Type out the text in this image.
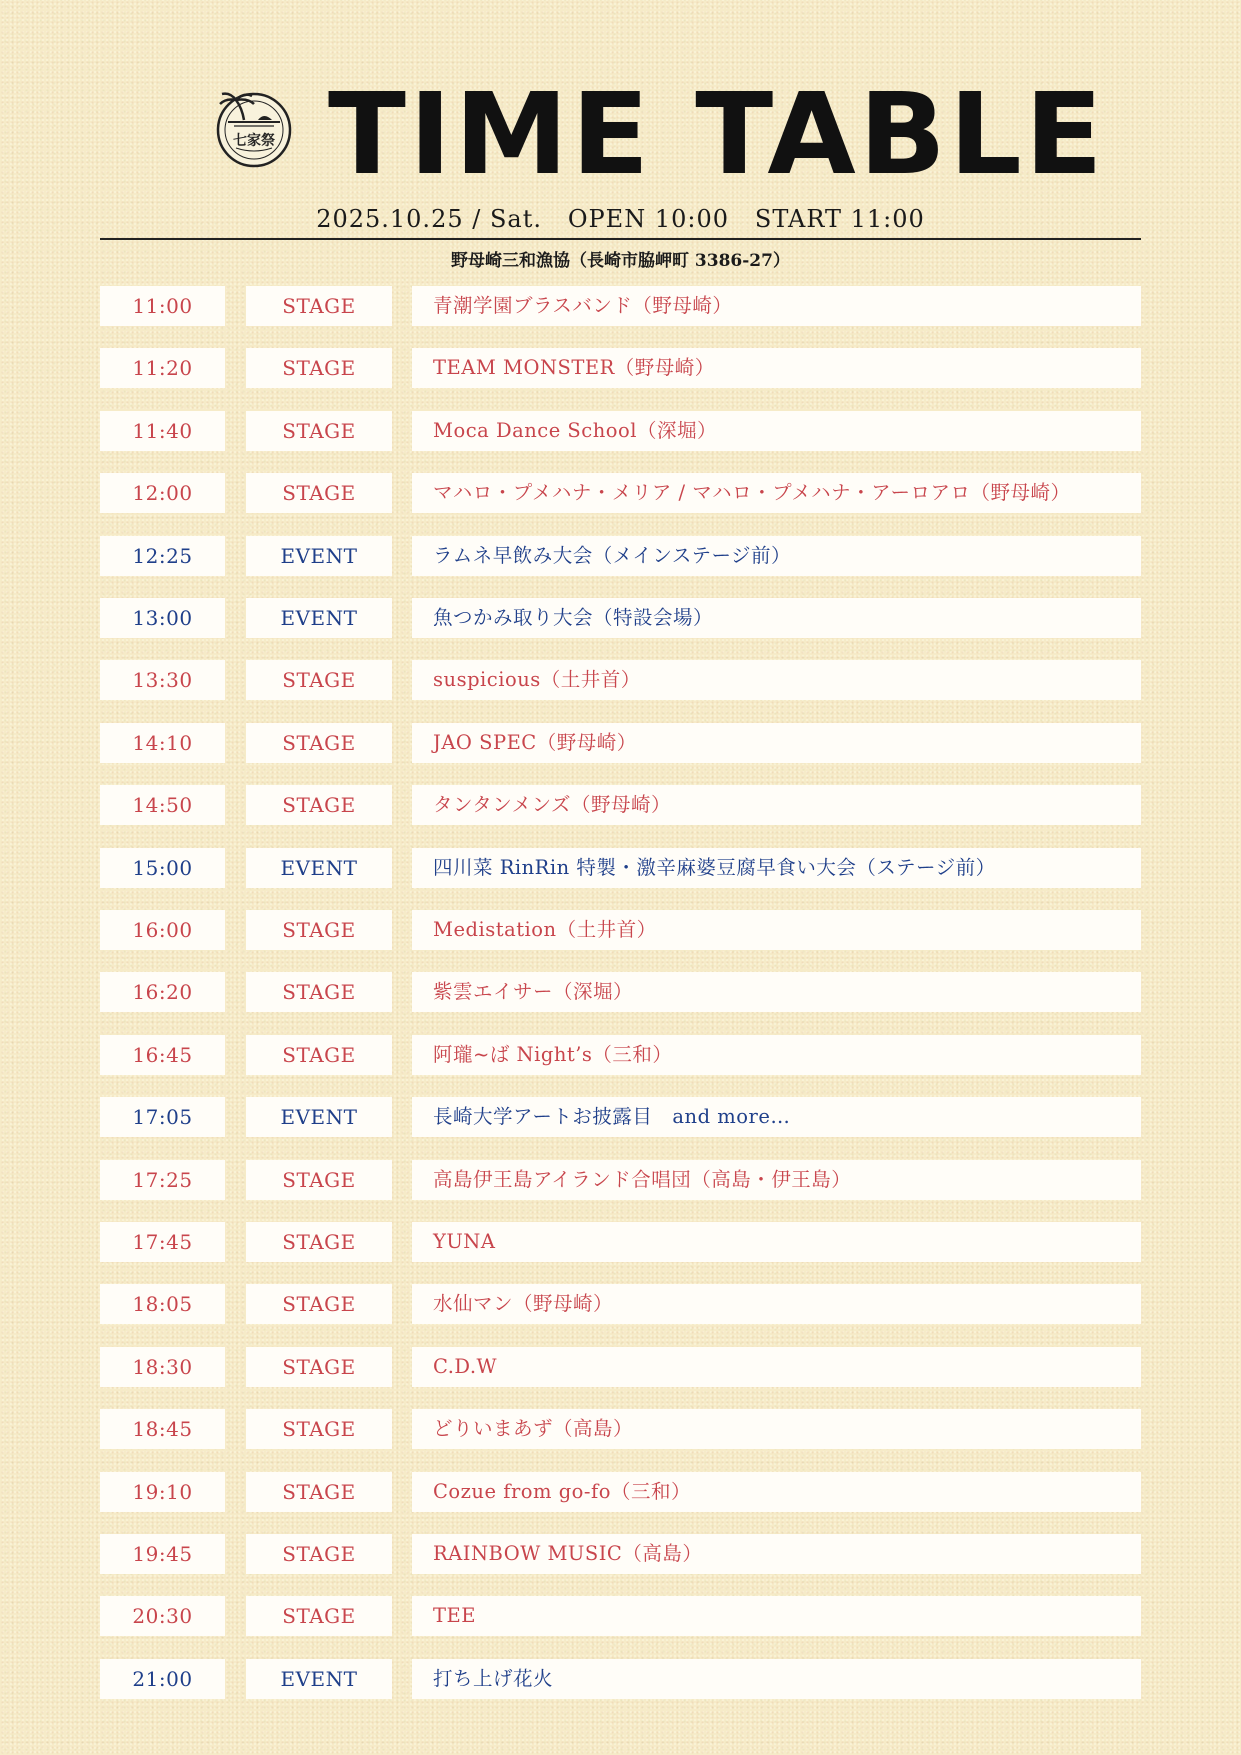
七家祭 TIME TABLE
2025.10.25 / Sat.   OPEN 10:00   START 11:00
野母崎三和漁協（長崎市脇岬町 3386-27）
11:00	STAGE	青潮学園ブラスバンド（野母崎）
11:20	STAGE	TEAM MONSTER（野母崎）
11:40	STAGE	Moca Dance School（深堀）
12:00	STAGE	マハロ・プメハナ・メリア / マハロ・プメハナ・アーロアロ（野母崎）
12:25	EVENT	ラムネ早飲み大会（メインステージ前）
13:00	EVENT	魚つかみ取り大会（特設会場）
13:30	STAGE	suspicious（土井首）
14:10	STAGE	JAO SPEC（野母崎）
14:50	STAGE	タンタンメンズ（野母崎）
15:00	EVENT	四川菜 RinRin 特製・激辛麻婆豆腐早食い大会（ステージ前）
16:00	STAGE	Medistation（土井首）
16:20	STAGE	紫雲エイサー（深堀）
16:45	STAGE	阿瓏~ば Night’s（三和）
17:05	EVENT	長崎大学アートお披露目　and more…
17:25	STAGE	高島伊王島アイランド合唱団（高島・伊王島）
17:45	STAGE	YUNA
18:05	STAGE	水仙マン（野母崎）
18:30	STAGE	C.D.W
18:45	STAGE	どりいまあず（高島）
19:10	STAGE	Cozue from go-fo（三和）
19:45	STAGE	RAINBOW MUSIC（高島）
20:30	STAGE	TEE
21:00	EVENT	打ち上げ花火
